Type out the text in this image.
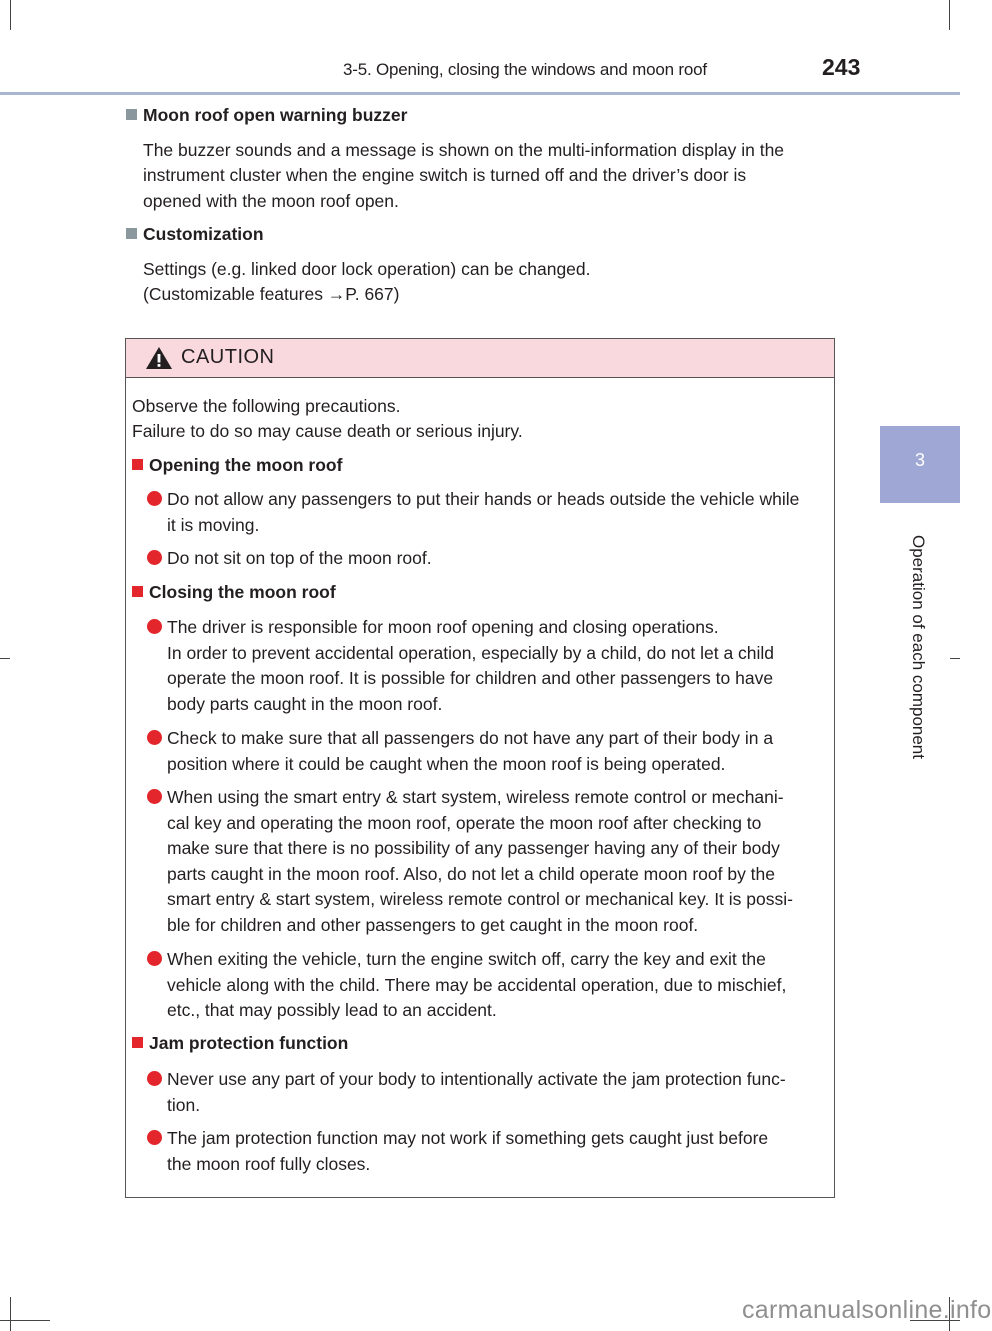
3-5. Opening, closing the windows and moon roof	243
3
Operation of each component
Moon roof open warning buzzer
The buzzer sounds and a message is shown on the multi-information display in the
instrument cluster when the engine switch is turned off and the driver’s door is
opened with the moon roof open.
Customization
Settings (e.g. linked door lock operation) can be changed.
(Customizable features →P. 667)
CAUTION
Observe the following precautions.
Failure to do so may cause death or serious injury.
Opening the moon roof
Do not allow any passengers to put their hands or heads outside the vehicle while
it is moving.
Do not sit on top of the moon roof.
Closing the moon roof
The driver is responsible for moon roof opening and closing operations.
In order to prevent accidental operation, especially by a child, do not let a child
operate the moon roof. It is possible for children and other passengers to have
body parts caught in the moon roof.
Check to make sure that all passengers do not have any part of their body in a
position where it could be caught when the moon roof is being operated.
When using the smart entry & start system, wireless remote control or mechani-
cal key and operating the moon roof, operate the moon roof after checking to
make sure that there is no possibility of any passenger having any of their body
parts caught in the moon roof. Also, do not let a child operate moon roof by the
smart entry & start system, wireless remote control or mechanical key. It is possi-
ble for children and other passengers to get caught in the moon roof.
When exiting the vehicle, turn the engine switch off, carry the key and exit the
vehicle along with the child. There may be accidental operation, due to mischief,
etc., that may possibly lead to an accident.
Jam protection function
Never use any part of your body to intentionally activate the jam protection func-
tion.
The jam protection function may not work if something gets caught just before
the moon roof fully closes.
carmanualsonline.info
